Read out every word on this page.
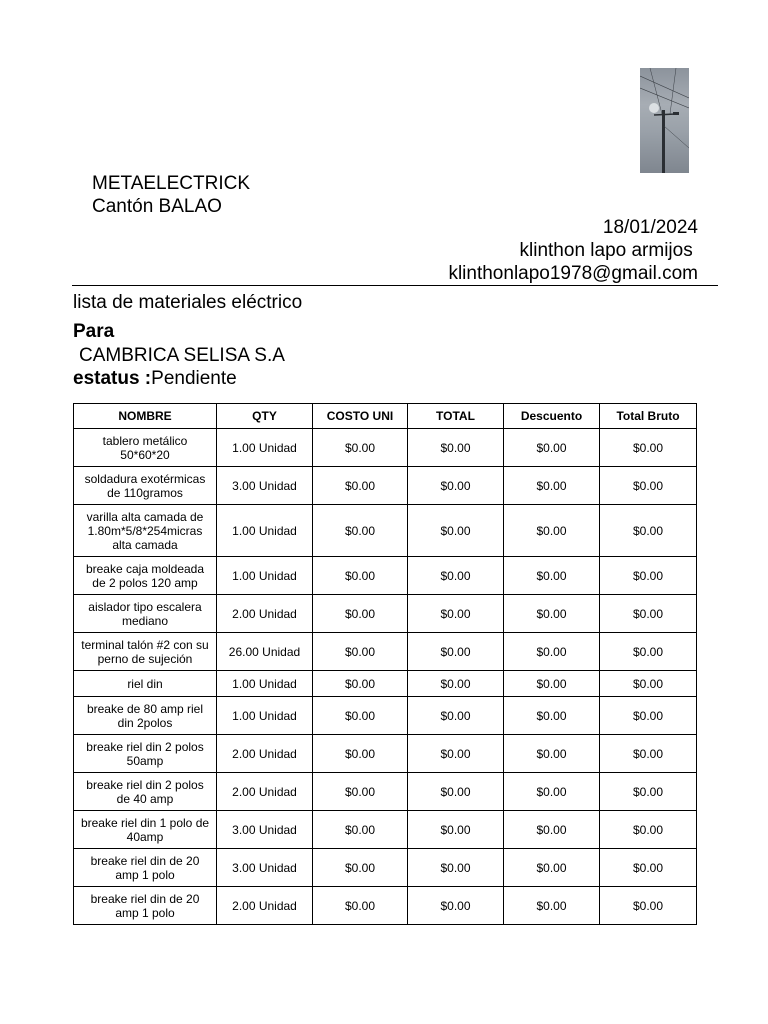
METAELECTRICK
Cantón BALAO
18/01/2024
klinthon lapo armijos
klinthonlapo1978@gmail.com
lista de materiales eléctrico
Para
CAMBRICA SELISA S.A
estatus :Pendiente
NOMBRE	QTY	COSTO UNI	TOTAL	Descuento	Total Bruto
tablero metálico 50*60*20	1.00 Unidad	$0.00	$0.00	$0.00	$0.00
soldadura exotérmicas de 110gramos	3.00 Unidad	$0.00	$0.00	$0.00	$0.00
varilla alta camada de 1.80m*5/8*254micras alta camada	1.00 Unidad	$0.00	$0.00	$0.00	$0.00
breake caja moldeada de 2 polos 120 amp	1.00 Unidad	$0.00	$0.00	$0.00	$0.00
aislador tipo escalera mediano	2.00 Unidad	$0.00	$0.00	$0.00	$0.00
terminal talón #2 con su perno de sujeción	26.00 Unidad	$0.00	$0.00	$0.00	$0.00
riel din	1.00 Unidad	$0.00	$0.00	$0.00	$0.00
breake de 80 amp riel din 2polos	1.00 Unidad	$0.00	$0.00	$0.00	$0.00
breake riel din 2 polos 50amp	2.00 Unidad	$0.00	$0.00	$0.00	$0.00
breake riel din 2 polos de 40 amp	2.00 Unidad	$0.00	$0.00	$0.00	$0.00
breake riel din 1 polo de 40amp	3.00 Unidad	$0.00	$0.00	$0.00	$0.00
breake riel din de 20 amp 1 polo	3.00 Unidad	$0.00	$0.00	$0.00	$0.00
breake riel din de 20 amp 1 polo	2.00 Unidad	$0.00	$0.00	$0.00	$0.00
